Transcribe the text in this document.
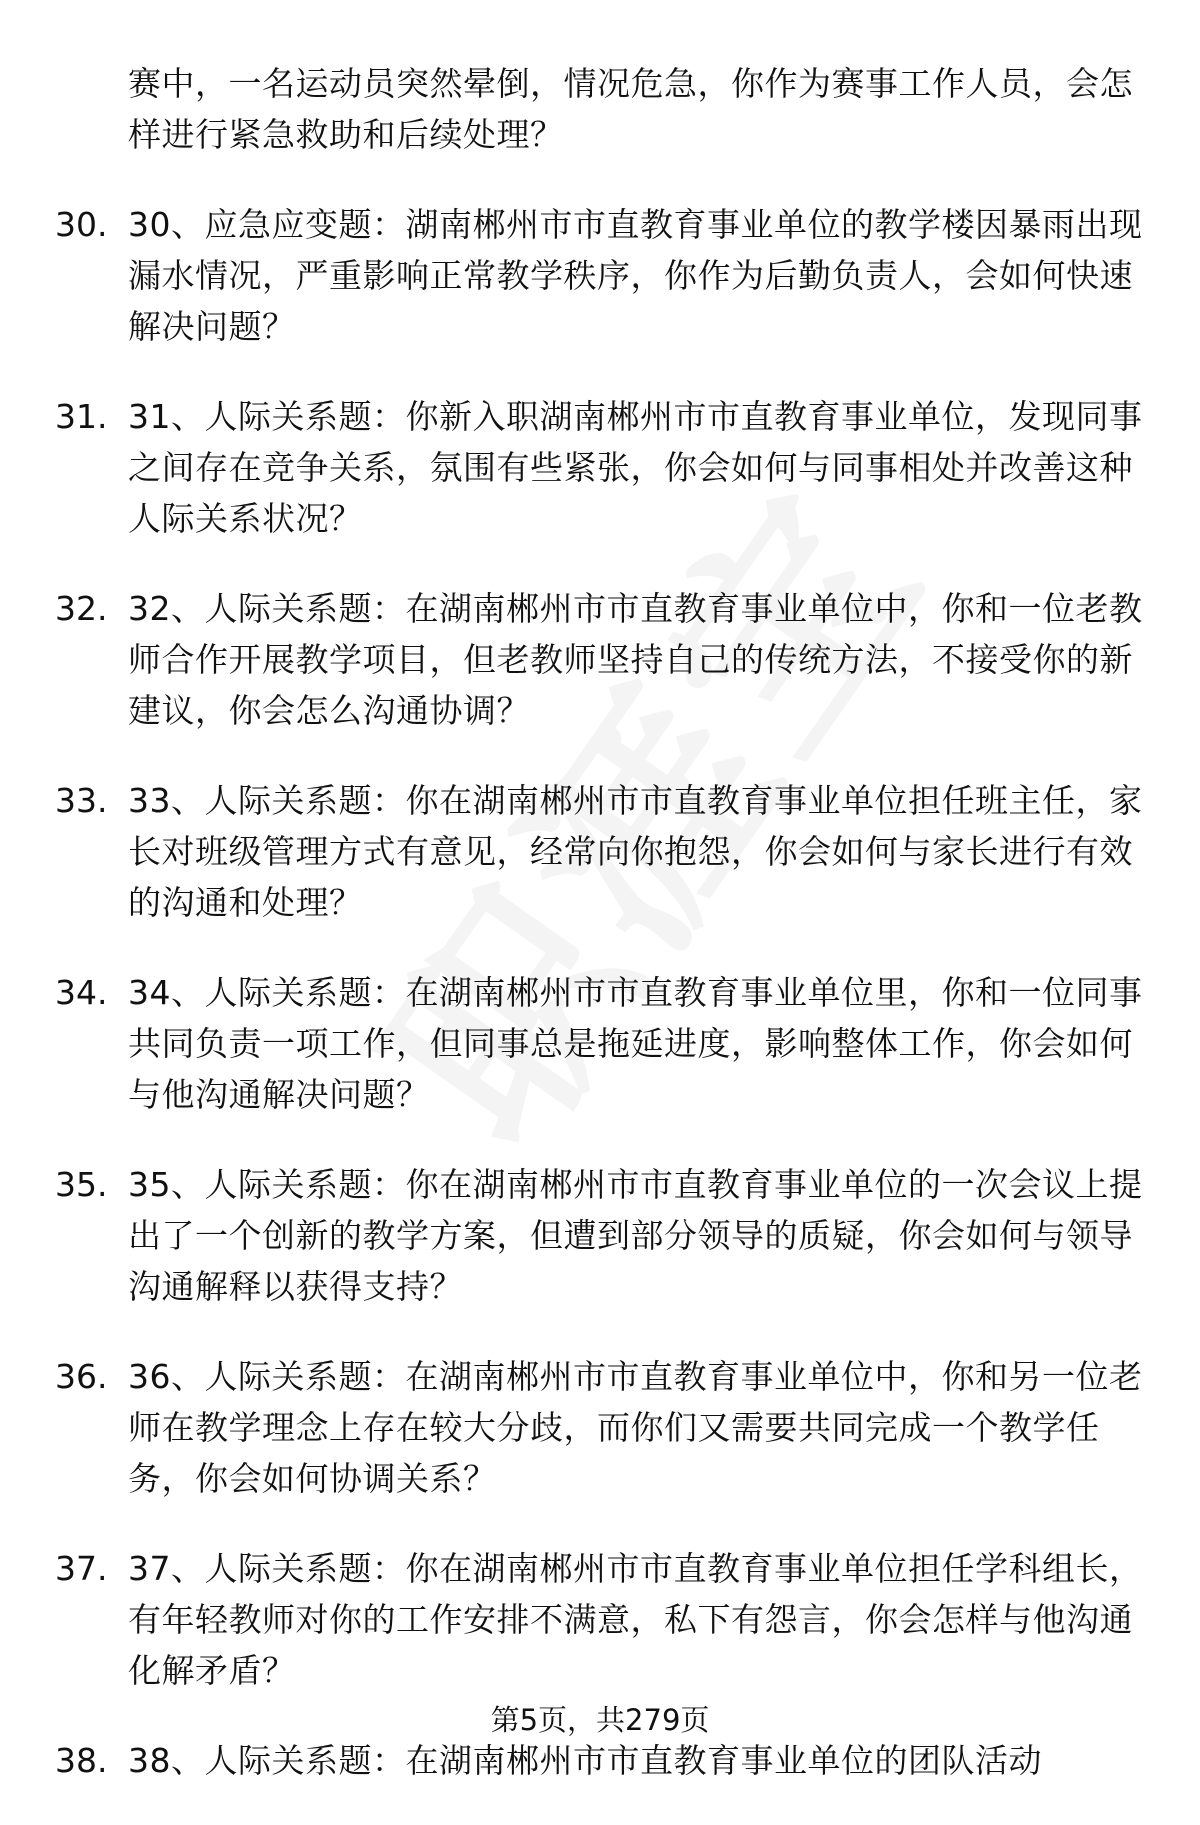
赛中，一名运动员突然晕倒，情况危急，你作为赛事工作人员，会怎样进行紧急救助和后续处理？
30. 30、应急应变题：湖南郴州市市直教育事业单位的教学楼因暴雨出现漏水情况，严重影响正常教学秩序，你作为后勤负责人，会如何快速解决问题？
31. 31、人际关系题：你新入职湖南郴州市市直教育事业单位，发现同事之间存在竞争关系，氛围有些紧张，你会如何与同事相处并改善这种人际关系状况？
32. 32、人际关系题：在湖南郴州市市直教育事业单位中，你和一位老教师合作开展教学项目，但老教师坚持自己的传统方法，不接受你的新建议，你会怎么沟通协调？
33. 33、人际关系题：你在湖南郴州市市直教育事业单位担任班主任，家长对班级管理方式有意见，经常向你抱怨，你会如何与家长进行有效的沟通和处理？
34. 34、人际关系题：在湖南郴州市市直教育事业单位里，你和一位同事共同负责一项工作，但同事总是拖延进度，影响整体工作，你会如何与他沟通解决问题？
35. 35、人际关系题：你在湖南郴州市市直教育事业单位的一次会议上提出了一个创新的教学方案，但遭到部分领导的质疑，你会如何与领导沟通解释以获得支持？
36. 36、人际关系题：在湖南郴州市市直教育事业单位中，你和另一位老师在教学理念上存在较大分歧，而你们又需要共同完成一个教学任务，你会如何协调关系？
37. 37、人际关系题：你在湖南郴州市市直教育事业单位担任学科组长，有年轻教师对你的工作安排不满意，私下有怨言，你会怎样与他沟通化解矛盾？
38. 38、人际关系题：在湖南郴州市市直教育事业单位的团队活动
第5页，共279页
